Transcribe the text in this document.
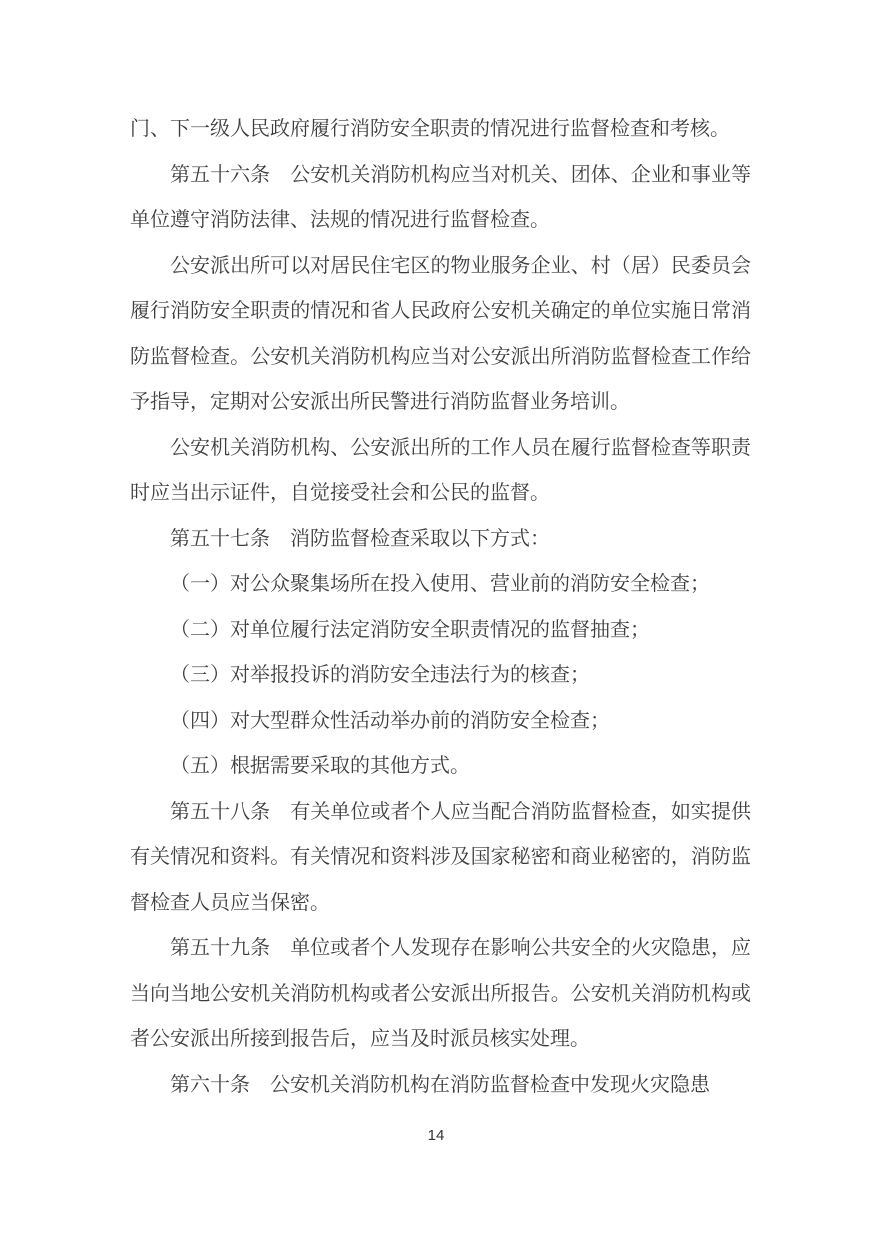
门、下一级人民政府履行消防安全职责的情况进行监督检查和考核。

第五十六条　公安机关消防机构应当对机关、团体、企业和事业等单位遵守消防法律、法规的情况进行监督检查。

公安派出所可以对居民住宅区的物业服务企业、村（居）民委员会履行消防安全职责的情况和省人民政府公安机关确定的单位实施日常消防监督检查。公安机关消防机构应当对公安派出所消防监督检查工作给予指导，定期对公安派出所民警进行消防监督业务培训。

公安机关消防机构、公安派出所的工作人员在履行监督检查等职责时应当出示证件，自觉接受社会和公民的监督。

第五十七条　消防监督检查采取以下方式：

（一）对公众聚集场所在投入使用、营业前的消防安全检查；

（二）对单位履行法定消防安全职责情况的监督抽查；

（三）对举报投诉的消防安全违法行为的核查；

（四）对大型群众性活动举办前的消防安全检查；

（五）根据需要采取的其他方式。

第五十八条　有关单位或者个人应当配合消防监督检查，如实提供有关情况和资料。有关情况和资料涉及国家秘密和商业秘密的，消防监督检查人员应当保密。

第五十九条　单位或者个人发现存在影响公共安全的火灾隐患，应当向当地公安机关消防机构或者公安派出所报告。公安机关消防机构或者公安派出所接到报告后，应当及时派员核实处理。

第六十条　公安机关消防机构在消防监督检查中发现火灾隐患

14
